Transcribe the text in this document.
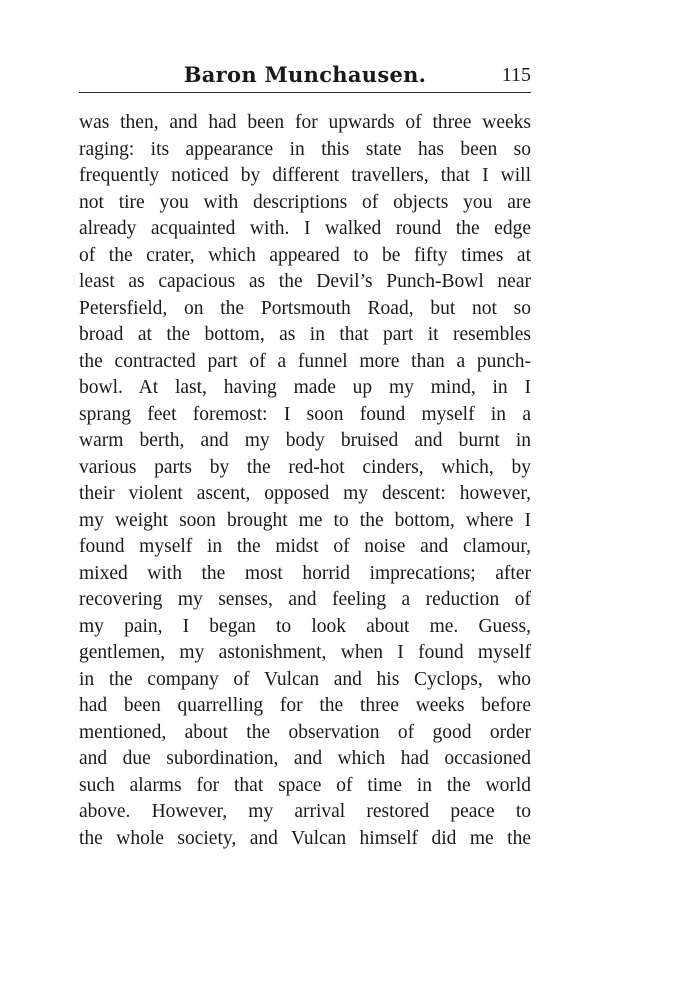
Baron Munchausen.	115
was then, and had been for upwards of three weeks
raging: its appearance in this state has been so
frequently noticed by different travellers, that I will
not tire you with descriptions of objects you are
already acquainted with. I walked round the edge
of the crater, which appeared to be fifty times at
least as capacious as the Devil’s Punch-Bowl near
Petersfield, on the Portsmouth Road, but not so
broad at the bottom, as in that part it resembles
the contracted part of a funnel more than a punch-
bowl. At last, having made up my mind, in I
sprang feet foremost: I soon found myself in a
warm berth, and my body bruised and burnt in
various parts by the red-hot cinders, which, by
their violent ascent, opposed my descent: however,
my weight soon brought me to the bottom, where I
found myself in the midst of noise and clamour,
mixed with the most horrid imprecations; after
recovering my senses, and feeling a reduction of
my pain, I began to look about me. Guess,
gentlemen, my astonishment, when I found myself
in the company of Vulcan and his Cyclops, who
had been quarrelling for the three weeks before
mentioned, about the observation of good order
and due subordination, and which had occasioned
such alarms for that space of time in the world
above. However, my arrival restored peace to
the whole society, and Vulcan himself did me the
